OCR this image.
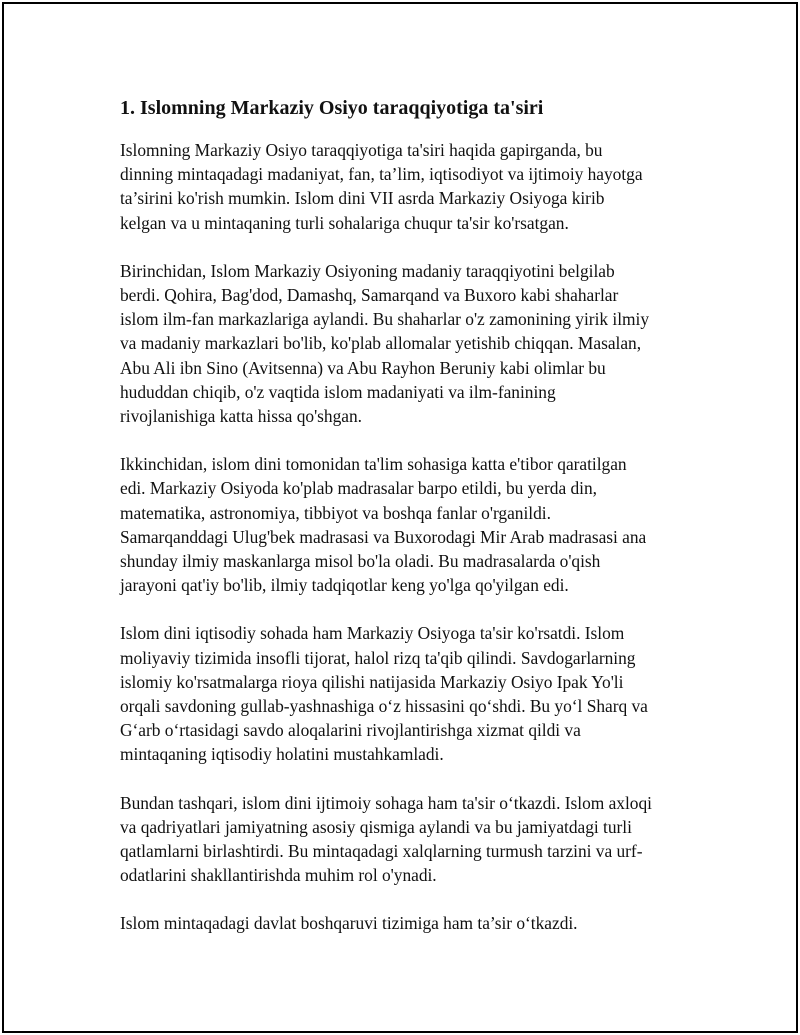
1. Islomning Markaziy Osiyo taraqqiyotiga ta'siri

Islomning Markaziy Osiyo taraqqiyotiga ta'siri haqida gapirganda, bu
dinning mintaqadagi madaniyat, fan, ta’lim, iqtisodiyot va ijtimoiy hayotga
ta’sirini ko'rish mumkin. Islom dini VII asrda Markaziy Osiyoga kirib
kelgan va u mintaqaning turli sohalariga chuqur ta'sir ko'rsatgan.

Birinchidan, Islom Markaziy Osiyoning madaniy taraqqiyotini belgilab
berdi. Qohira, Bag'dod, Damashq, Samarqand va Buxoro kabi shaharlar
islom ilm-fan markazlariga aylandi. Bu shaharlar o'z zamonining yirik ilmiy
va madaniy markazlari bo'lib, ko'plab allomalar yetishib chiqqan. Masalan,
Abu Ali ibn Sino (Avitsenna) va Abu Rayhon Beruniy kabi olimlar bu
hududdan chiqib, o'z vaqtida islom madaniyati va ilm-fanining
rivojlanishiga katta hissa qo'shgan.

Ikkinchidan, islom dini tomonidan ta'lim sohasiga katta e'tibor qaratilgan
edi. Markaziy Osiyoda ko'plab madrasalar barpo etildi, bu yerda din,
matematika, astronomiya, tibbiyot va boshqa fanlar o'rganildi.
Samarqanddagi Ulug'bek madrasasi va Buxorodagi Mir Arab madrasasi ana
shunday ilmiy maskanlarga misol bo'la oladi. Bu madrasalarda o'qish
jarayoni qat'iy bo'lib, ilmiy tadqiqotlar keng yo'lga qo'yilgan edi.

Islom dini iqtisodiy sohada ham Markaziy Osiyoga ta'sir ko'rsatdi. Islom
moliyaviy tizimida insofli tijorat, halol rizq ta'qib qilindi. Savdogarlarning
islomiy ko'rsatmalarga rioya qilishi natijasida Markaziy Osiyo Ipak Yo'li
orqali savdoning gullab-yashnashiga o‘z hissasini qo‘shdi. Bu yo‘l Sharq va
G‘arb o‘rtasidagi savdo aloqalarini rivojlantirishga xizmat qildi va
mintaqaning iqtisodiy holatini mustahkamladi.

Bundan tashqari, islom dini ijtimoiy sohaga ham ta'sir o‘tkazdi. Islom axloqi
va qadriyatlari jamiyatning asosiy qismiga aylandi va bu jamiyatdagi turli
qatlamlarni birlashtirdi. Bu mintaqadagi xalqlarning turmush tarzini va urf-
odatlarini shakllantirishda muhim rol o'ynadi.

Islom mintaqadagi davlat boshqaruvi tizimiga ham ta’sir o‘tkazdi.
